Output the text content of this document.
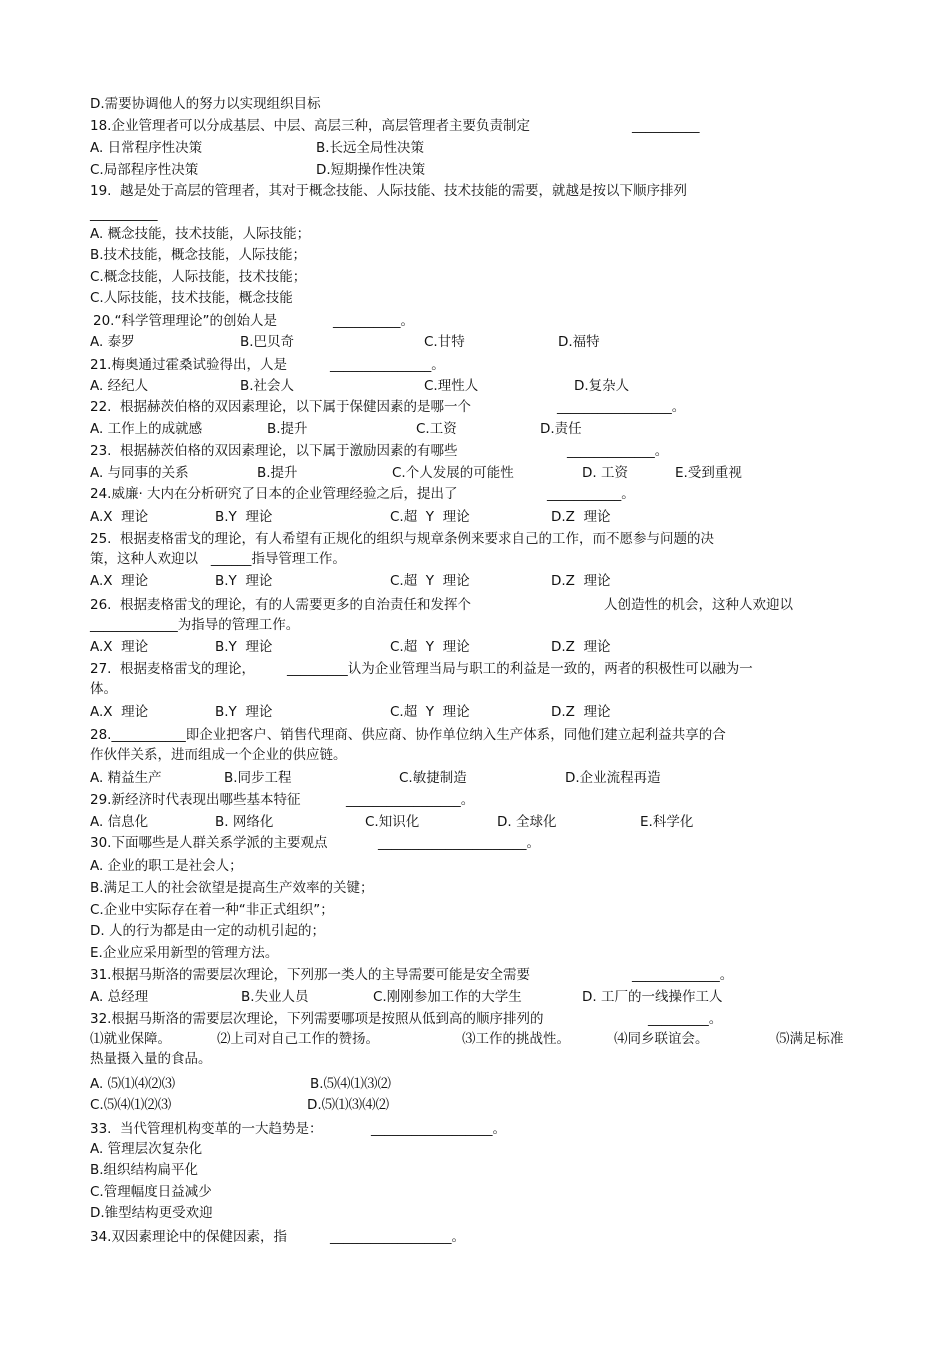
D.需要协调他人的努力以实现组织目标
18.企业管理者可以分成基层、中层、高层三种，高层管理者主要负责制定	__________
A. 日常程序性决策	B.长远全局性决策
C.局部程序性决策	D.短期操作性决策
19.  越是处于高层的管理者，其对于概念技能、人际技能、技术技能的需要，就越是按以下顺序排列
__________
A. 概念技能，技术技能，人际技能；
B.技术技能，概念技能，人际技能；
C.概念技能，人际技能，技术技能；
C.人际技能，技术技能，概念技能
20.“科学管理理论”的创始人是	__________。
A. 泰罗	B.巴贝奇	C.甘特	D.福特
21.梅奥通过霍桑试验得出，人是	_______________。
A. 经纪人	B.社会人	C.理性人	D.复杂人
22.  根据赫茨伯格的双因素理论，以下属于保健因素的是哪一个	_________________。
A. 工作上的成就感	B.提升	C.工资	D.责任
23.  根据赫茨伯格的双因素理论，以下属于激励因素的有哪些	_____________。
A. 与同事的关系	B.提升	C.个人发展的可能性	D. 工资	E.受到重视
24.威廉· 大内在分析研究了日本的企业管理经验之后，提出了	___________。
A.X  理论	B.Y  理论	C.超  Y  理论	D.Z  理论
25.  根据麦格雷戈的理论，有人希望有正规化的组织与规章条例来要求自己的工作，而不愿参与问题的决
策，这种人欢迎以   ______指导管理工作。
A.X  理论	B.Y  理论	C.超  Y  理论	D.Z  理论
26.  根据麦格雷戈的理论，有的人需要更多的自治责任和发挥个	人创造性的机会，这种人欢迎以
_____________为指导的管理工作。
A.X  理论	B.Y  理论	C.超  Y  理论	D.Z  理论
27.  根据麦格雷戈的理论， _________认为企业管理当局与职工的利益是一致的，两者的积极性可以融为一
体。
A.X  理论	B.Y  理论	C.超  Y  理论	D.Z  理论
28.___________即企业把客户、销售代理商、供应商、协作单位纳入生产体系，同他们建立起利益共享的合
作伙伴关系，进而组成一个企业的供应链。
A. 精益生产	B.同步工程	C.敏捷制造	D.企业流程再造
29.新经济时代表现出哪些基本特征	_________________。
A. 信息化	B. 网络化	C.知识化	D. 全球化	E.科学化
30.下面哪些是人群关系学派的主要观点	______________________。
A. 企业的职工是社会人；
B.满足工人的社会欲望是提高生产效率的关键；
C.企业中实际存在着一种“非正式组织”；
D. 人的行为都是由一定的动机引起的；
E.企业应采用新型的管理方法。
31.根据马斯洛的需要层次理论，下列那一类人的主导需要可能是安全需要	_____________。
A. 总经理	B.失业人员	C.刚刚参加工作的大学生	D. 工厂的一线操作工人
32.根据马斯洛的需要层次理论，下列需要哪项是按照从低到高的顺序排列的	_________。
⑴就业保障。	⑵上司对自己工作的赞扬。	⑶工作的挑战性。	⑷同乡联谊会。	⑸满足标准
热量摄入量的食品。
A. ⑸⑴⑷⑵⑶	B.⑸⑷⑴⑶⑵
C.⑸⑷⑴⑵⑶	D.⑸⑴⑶⑷⑵
33.  当代管理机构变革的一大趋势是：	__________________。
A. 管理层次复杂化
B.组织结构扁平化
C.管理幅度日益减少
D.锥型结构更受欢迎
34.双因素理论中的保健因素，指	__________________。
